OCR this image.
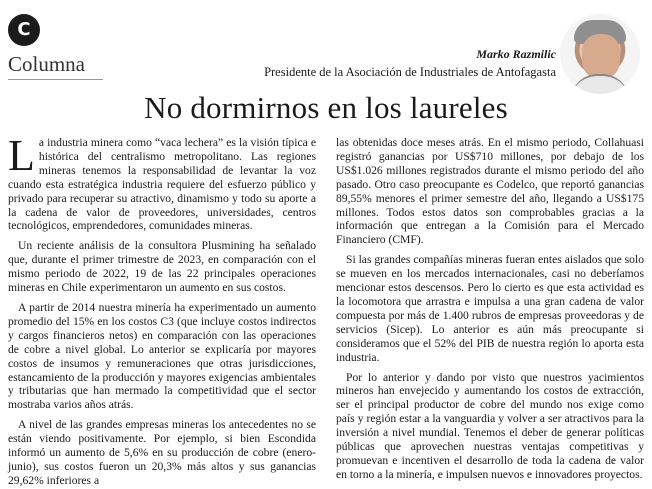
C
Columna	Marko Razmilic
Presidente de la Asociación de Industriales de Antofagasta
No dormirnos en los laureles

La industria minera como “vaca lechera” es la visión típica e histórica del centralismo metropolitano. Las regiones mineras tenemos la responsabilidad de levantar la voz cuando esta estratégica industria requiere del esfuerzo público y privado para recuperar su atractivo, dinamismo y todo su aporte a la cadena de valor de proveedores, universidades, centros tecnológicos, emprendedores, comunidades mineras.

Un reciente análisis de la consultora Plusmining ha señalado que, durante el primer trimestre de 2023, en comparación con el mismo periodo de 2022, 19 de las 22 principales operaciones mineras en Chile experimentaron un aumento en sus costos.

A partir de 2014 nuestra minería ha experimentado un aumento promedio del 15% en los costos C3 (que incluye costos indirectos y cargos financieros netos) en comparación con las operaciones de cobre a nivel global. Lo anterior se explicaría por mayores costos de insumos y remuneraciones que otras jurisdicciones, estancamiento de la producción y mayores exigencias ambientales y tributarias que han mermado la competitividad que el sector mostraba varios años atrás.

A nivel de las grandes empresas mineras los antecedentes no se están viendo positivamente. Por ejemplo, si bien Escondida informó un aumento de 5,6% en su producción de cobre (enero-junio), sus costos fueron un 20,3% más altos y sus ganancias 29,62% inferiores a

las obtenidas doce meses atrás. En el mismo periodo, Collahuasi registró ganancias por US$710 millones, por debajo de los US$1.026 millones registrados durante el mismo periodo del año pasado. Otro caso preocupante es Codelco, que reportó ganancias 89,55% menores el primer semestre del año, llegando a US$175 millones. Todos estos datos son comprobables gracias a la información que entregan a la Comisión para el Mercado Financiero (CMF).

Si las grandes compañías mineras fueran entes aislados que solo se mueven en los mercados internacionales, casi no deberíamos mencionar estos descensos. Pero lo cierto es que esta actividad es la locomotora que arrastra e impulsa a una gran cadena de valor compuesta por más de 1.400 rubros de empresas proveedoras y de servicios (Sicep). Lo anterior es aún más preocupante si consideramos que el 52% del PIB de nuestra región lo aporta esta industria.

Por lo anterior y dando por visto que nuestros yacimientos mineros han envejecido y aumentando los costos de extracción, ser el principal productor de cobre del mundo nos exige como país y región estar a la vanguardia y volver a ser atractivos para la inversión a nivel mundial. Tenemos el deber de generar políticas públicas que aprovechen nuestras ventajas competitivas y promuevan e incentiven el desarrollo de toda la cadena de valor en torno a la minería, e impulsen nuevos e innovadores proyectos.
